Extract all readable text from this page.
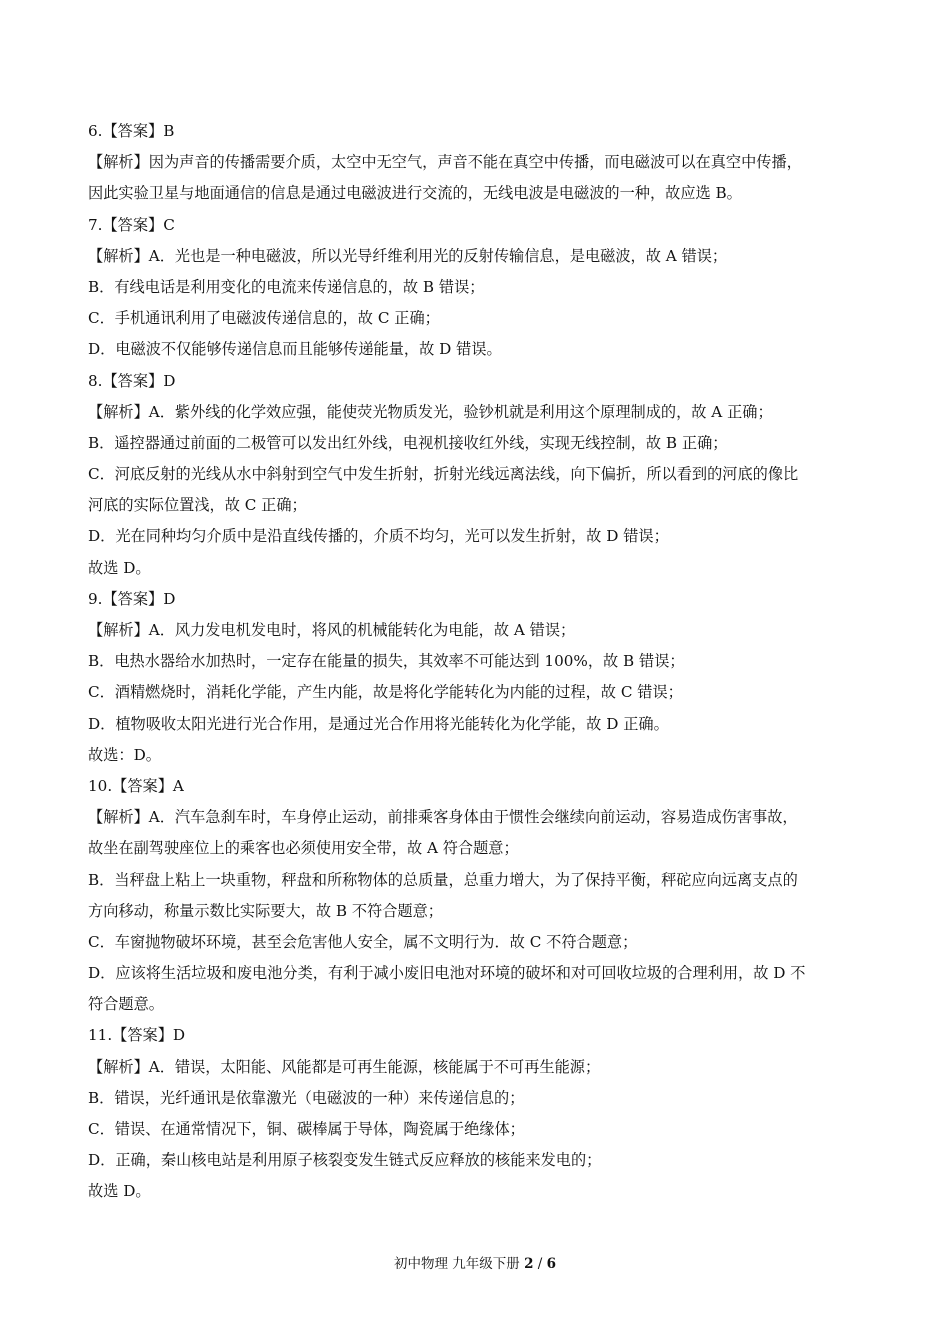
6.【答案】B
【解析】因为声音的传播需要介质，太空中无空气，声音不能在真空中传播，而电磁波可以在真空中传播，
因此实验卫星与地面通信的信息是通过电磁波进行交流的，无线电波是电磁波的一种，故应选 B。
7.【答案】C
【解析】A．光也是一种电磁波，所以光导纤维利用光的反射传输信息，是电磁波，故 A 错误；
B．有线电话是利用变化的电流来传递信息的，故 B 错误；
C．手机通讯利用了电磁波传递信息的，故 C 正确；
D．电磁波不仅能够传递信息而且能够传递能量，故 D 错误。
8.【答案】D
【解析】A．紫外线的化学效应强，能使荧光物质发光，验钞机就是利用这个原理制成的，故 A 正确；
B．遥控器通过前面的二极管可以发出红外线，电视机接收红外线，实现无线控制，故 B 正确；
C．河底反射的光线从水中斜射到空气中发生折射，折射光线远离法线，向下偏折，所以看到的河底的像比
河底的实际位置浅，故 C 正确；
D．光在同种均匀介质中是沿直线传播的，介质不均匀，光可以发生折射，故 D 错误；
故选 D。
9.【答案】D
【解析】A．风力发电机发电时，将风的机械能转化为电能，故 A 错误；
B．电热水器给水加热时，一定存在能量的损失，其效率不可能达到 100%，故 B 错误；
C．酒精燃烧时，消耗化学能，产生内能，故是将化学能转化为内能的过程，故 C 错误；
D．植物吸收太阳光进行光合作用，是通过光合作用将光能转化为化学能，故 D 正确。
故选：D。
10.【答案】A
【解析】A．汽车急刹车时，车身停止运动，前排乘客身体由于惯性会继续向前运动，容易造成伤害事故，
故坐在副驾驶座位上的乘客也必须使用安全带，故 A 符合题意；
B．当秤盘上粘上一块重物，秤盘和所称物体的总质量，总重力增大，为了保持平衡，秤砣应向远离支点的
方向移动，称量示数比实际要大，故 B 不符合题意；
C．车窗抛物破坏环境，甚至会危害他人安全，属不文明行为．故 C 不符合题意；
D．应该将生活垃圾和废电池分类，有利于减小废旧电池对环境的破坏和对可回收垃圾的合理利用，故 D 不
符合题意。
11.【答案】D
【解析】A．错误，太阳能、风能都是可再生能源，核能属于不可再生能源；
B．错误，光纤通讯是依靠激光（电磁波的一种）来传递信息的；
C．错误、在通常情况下，铜、碳棒属于导体，陶瓷属于绝缘体；
D．正确，秦山核电站是利用原子核裂变发生链式反应释放的核能来发电的；
故选 D。
初中物理 九年级下册 2 / 6
